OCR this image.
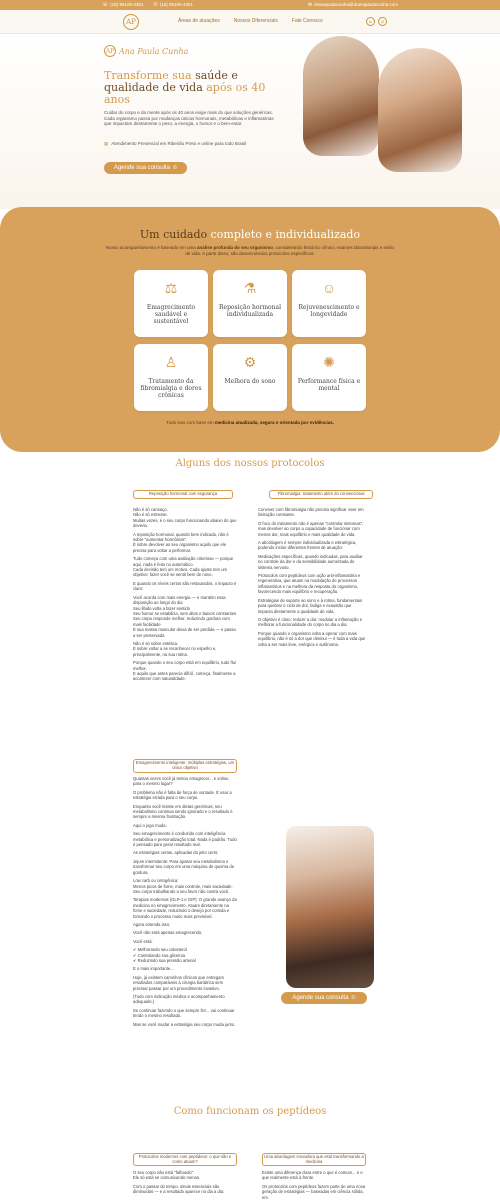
☏ (16) 99100-4301 ✆ (16) 99100-4301	✉ dranapaulacunha@dranapaulacunha.com
AP	Áreas de atuações	Nossos Diferenciais	Fale Conosco	in	◎
AP Ana Paula Cunha
Transforme sua saúde e qualidade de vida após os 40 anos
Cuidar do corpo e da mente após os 40 anos exige mais do que soluções genéricas. Cada organismo passa por mudanças únicas hormonais, metabólicas e inflamatórias que impactam diretamente o peso, a energia, o humor e o bem-estar.
▦ Atendimento Presencial em Ribeirão Preto e online para todo Brasil
Agende sua consulta ✆
Um cuidado completo e individualizado
Nosso acompanhamento é baseado em uma análise profunda do seu organismo, considerando histórico clínico, exames laboratoriais e estilo de vida. A partir disso, são desenvolvidos protocolos específicos:
⚖
Emagrecimento saudável e sustentável
⚗
Reposição hormonal individualizada
☺
Rejuvenescimento e longevidade
♙
Tratamento da fibromialgia e dores crônicas
⚙
Melhora do sono
✺
Performance física e mental
Tudo isso com base em medicina atualizada, segura e orientada por evidências.
Alguns dos nossos protocolos
Reposição hormonal com segurança

Não é só cansaço.
Não é só estresse.
Muitas vezes, é o seu corpo funcionando abaixo do que deveria.

A reposição hormonal, quando bem indicada, não é sobre "aumentar hormônios".
É sobre devolver ao seu organismo aquilo que ele precisa para voltar a performar.

Tudo começa com uma avaliação criteriosa — porque aqui, nada é feito no automático.
Cada decisão tem um motivo. Cada ajuste tem um objetivo: fazer você se sentir bem de novo.

E quando os níveis certos são restaurados, o impacto é claro:

Você acorda com mais energia — e mantém essa disposição ao longo do dia
Seu libido volta a fazer sentido
Seu humor se estabiliza, sem altos e baixos constantes
Seu corpo responde melhor, reduzindo gordura com mais facilidade
E sua massa muscular deixa de ser perdida — e passa a ser preservada

Não é só sobre estética.
É sobre voltar a se reconhecer no espelho e, principalmente, na sua rotina.

Porque quando o seu corpo está em equilíbrio, tudo flui melhor.
E aquilo que antes parecia difícil, começa, finalmente a acontecer com naturalidade.

Fibromialgia: tratamento além do convencional

Conviver com fibromialgia não precisa significar viver em limitação constante.

O foco do tratamento não é apenas "controlar sintomas", mas devolver ao corpo a capacidade de funcionar com menos dor, mais equilíbrio e mais qualidade de vida.

A abordagem é sempre individualizada e estratégica, podendo incluir diferentes frentes de atuação:

Medicações específicas, quando indicadas, para auxiliar no controle da dor e da sensibilidade aumentada do sistema nervoso.

Protocolos com peptídeos com ação anti-inflamatória e regenerativa, que atuam na modulação de processos inflamatórios e na melhora da resposta do organismo, favorecendo mais equilíbrio e recuperação.

Estratégias de suporte ao sono e à rotina, fundamentais para quebrar o ciclo de dor, fadiga e exaustão que impacta diretamente a qualidade de vida.

O objetivo é claro: reduzir a dor, modular a inflamação e melhorar a funcionalidade do corpo no dia a dia.

Porque quando o organismo volta a operar com mais equilíbrio, não é só a dor que diminui — é toda a vida que volta a ser mais leve, enérgica e autônoma.

Emagrecimento inteligente: múltiplas estratégias, um único objetivo

Quantas vezes você já tentou emagrecer... e voltou para o mesmo lugar?

O problema não é falta de força de vontade. É usar a estratégia errada para o seu corpo.

Enquanto você insiste em dietas genéricas, seu metabolismo continua sendo ignorado e o resultado é sempre a mesma frustração.

Aqui o jogo muda.

Seu emagrecimento é conduzido com inteligência metabólica e personalização total. Nada é padrão. Tudo é pensado para gerar resultado real.

As estratégias certas, aplicadas do jeito certo:

Jejum intermitente: Para ajustar seu metabolismo e transformar seu corpo em uma máquina de queima de gordura.

Low carb ou cetogênica:
Menos picos de fome, mais controle, mais saciedade. Seu corpo trabalhando a seu favor não contra você.

Terapias modernas (GLP-1 e GIP): O grande avanço da medicina no emagrecimento. Atuam diretamente na fome e saciedade, reduzindo o desejo por comida e tornando o processo muito mais previsível.

Agora entenda isso:

Você não está apenas emagrecendo.

Você está:

✔ Melhorando seu colesterol
✔ Controlando sua glicemia
✔ Reduzindo sua pressão arterial

E o mais importante...

Hoje, já existem caminhos clínicos que entregam resultados comparáveis à cirurgia bariátrica sem precisar passar por um procedimento invasivo.

(Tudo com indicação médica e acompanhamento adequado.)

Se continuar fazendo o que sempre fez... vai continuar tendo o mesmo resultado.

Mas se você mudar a estratégia seu corpo muda junto.

Agende sua consulta ✆
Como funcionam os peptídeos
Protocolos modernos com peptídeos: o que são e como atuam?

O seu corpo não está "falhando".
Ele só está se comunicando menos.

Com o passar do tempo, sinais essenciais são diminuídas — e a resultado aparece no dia a dia:

Uma abordagem inovadora que está transformando a medicina

Existe uma diferença clara entre o que é comum... e o que realmente está à frente.

Os protocolos com peptídeos fazem parte de uma nova geração de estratégias — baseadas em ciência sólida, em
